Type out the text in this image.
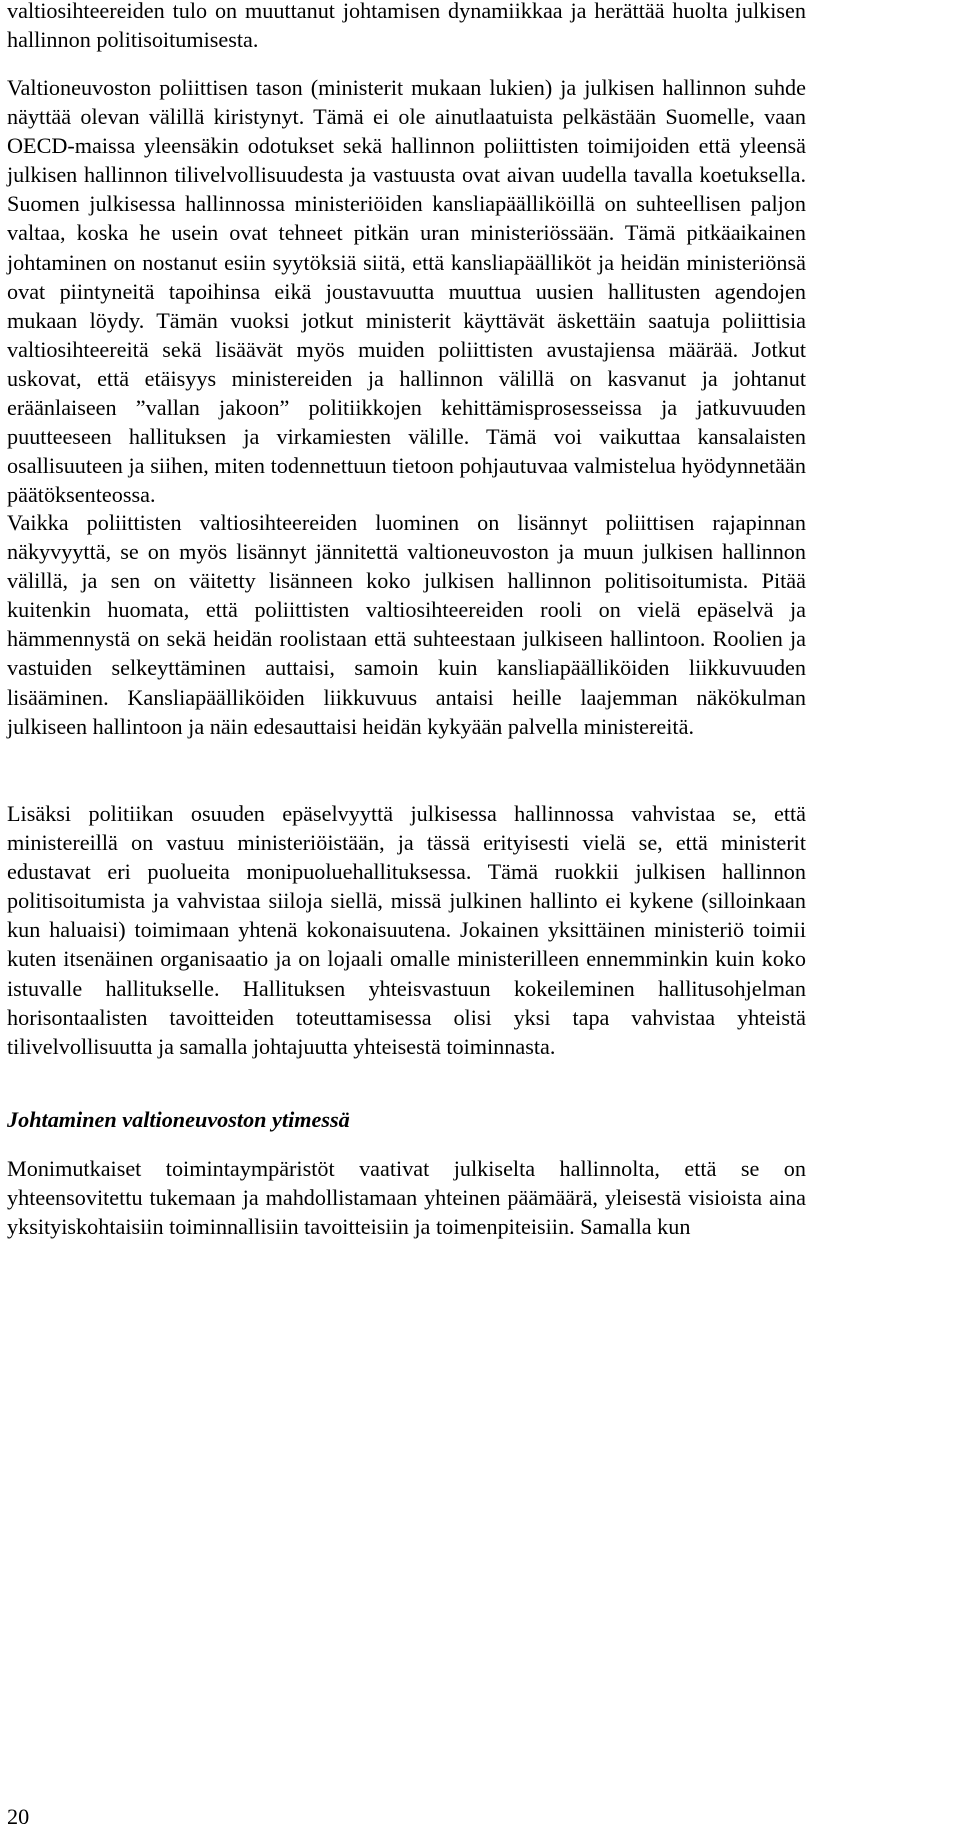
valtiosihteereiden tulo on muuttanut johtamisen dynamiikkaa ja herättää huolta julkisen hallinnon politisoitumisesta.

Valtioneuvoston poliittisen tason (ministerit mukaan lukien) ja julkisen hallinnon suhde näyttää olevan välillä kiristynyt. Tämä ei ole ainutlaatuista pelkästään Suomelle, vaan OECD-maissa yleensäkin odotukset sekä hallinnon poliittisten toimijoiden että yleensä julkisen hallinnon tilivelvollisuudesta ja vastuusta ovat aivan uudella tavalla koetuksella. Suomen julkisessa hallinnossa ministeriöiden kansliapäälliköillä on suhteellisen paljon valtaa, koska he usein ovat tehneet pitkän uran ministeriössään. Tämä pitkäaikainen johtaminen on nostanut esiin syytöksiä siitä, että kansliapäälliköt ja heidän ministeriönsä ovat piintyneitä tapoihinsa eikä joustavuutta muuttua uusien hallitusten agendojen mukaan löydy. Tämän vuoksi jotkut ministerit käyttävät äskettäin saatuja poliittisia valtiosihteereitä sekä lisäävät myös muiden poliittisten avustajiensa määrää. Jotkut uskovat, että etäisyys ministereiden ja hallinnon välillä on kasvanut ja johtanut eräänlaiseen ”vallan jakoon” politiikkojen kehittämisprosesseissa ja jatkuvuuden puutteeseen hallituksen ja virkamiesten välille. Tämä voi vaikuttaa kansalaisten osallisuuteen ja siihen, miten todennettuun tietoon pohjautuvaa valmistelua hyödynnetään päätöksenteossa.

Vaikka poliittisten valtiosihteereiden luominen on lisännyt poliittisen rajapinnan näkyvyyttä, se on myös lisännyt jännitettä valtioneuvoston ja muun julkisen hallinnon välillä, ja sen on väitetty lisänneen koko julkisen hallinnon politisoitumista. Pitää kuitenkin huomata, että poliittisten valtiosihteereiden rooli on vielä epäselvä ja hämmennystä on sekä heidän roolistaan että suhteestaan julkiseen hallintoon. Roolien ja vastuiden selkeyttäminen auttaisi, samoin kuin kansliapäälliköiden liikkuvuuden lisääminen. Kansliapäälliköiden liikkuvuus antaisi heille laajemman näkökulman julkiseen hallintoon ja näin edesauttaisi heidän kykyään palvella ministereitä.

Lisäksi politiikan osuuden epäselvyyttä julkisessa hallinnossa vahvistaa se, että ministereillä on vastuu ministeriöistään, ja tässä erityisesti vielä se, että ministerit edustavat eri puolueita monipuoluehallituksessa. Tämä ruokkii julkisen hallinnon politisoitumista ja vahvistaa siiloja siellä, missä julkinen hallinto ei kykene (silloinkaan kun haluaisi) toimimaan yhtenä kokonaisuutena. Jokainen yksittäinen ministeriö toimii kuten itsenäinen organisaatio ja on lojaali omalle ministerilleen ennemminkin kuin koko istuvalle hallitukselle. Hallituksen yhteisvastuun kokeileminen hallitusohjelman horisontaalisten tavoitteiden toteuttamisessa olisi yksi tapa vahvistaa yhteistä tilivelvollisuutta ja samalla johtajuutta yhteisestä toiminnasta.

Johtaminen valtioneuvoston ytimessä

Monimutkaiset toimintaympäristöt vaativat julkiselta hallinnolta, että se on yhteensovitettu tukemaan ja mahdollistamaan yhteinen päämäärä, yleisestä visioista aina yksityiskohtaisiin toiminnallisiin tavoitteisiin ja toimenpiteisiin. Samalla kun

20
